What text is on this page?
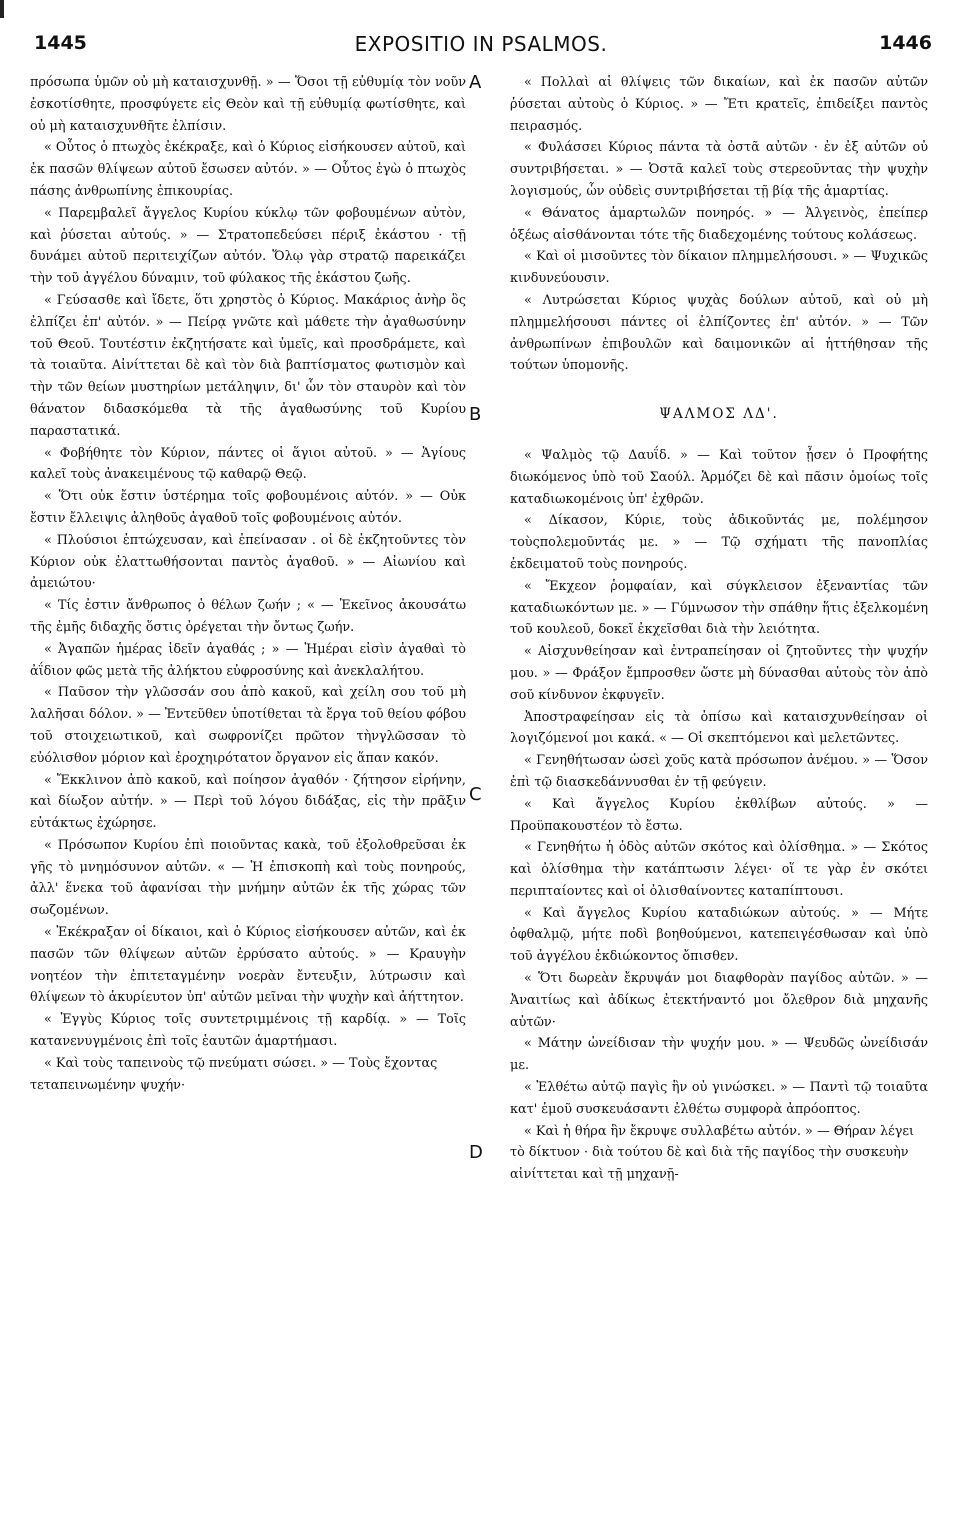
1445	EXPOSITIO IN PSALMOS.	1446
A
B
C
D

πρόσωπα ὑμῶν οὐ μὴ καταισχυνθῇ. » — Ὅσοι τῇ εὐθυμίᾳ τὸν νοῦν ἐσκοτίσθητε, προσφύγετε εἰς Θεὸν καὶ τῇ εὐθυμίᾳ φωτίσθητε, καὶ οὐ μὴ καταισχυνθῆτε ἐλπίσιν.

« Οὗτος ὁ πτωχὸς ἐκέκραξε, καὶ ὁ Κύριος εἰσήκουσεν αὐτοῦ, καὶ ἐκ πασῶν θλίψεων αὐτοῦ ἔσωσεν αὐτόν. » — Οὗτος ἐγὼ ὁ πτωχὸς πάσης ἀνθρωπίνης ἐπικουρίας.

« Παρεμβαλεῖ ἄγγελος Κυρίου κύκλῳ τῶν φοβουμένων αὐτὸν, καὶ ῥύσεται αὐτούς. » — Στρατοπεδεύσει πέριξ ἑκάστου · τῇ δυνάμει αὐτοῦ περιτειχίζων αὐτόν. Ὅλῳ γὰρ στρατῷ παρεικάζει τὴν τοῦ ἀγγέλου δύναμιν, τοῦ φύλακος τῆς ἑκάστου ζωῆς.

« Γεύσασθε καὶ ἴδετε, ὅτι χρηστὸς ὁ Κύριος. Μακάριος ἀνὴρ ὃς ἐλπίζει ἐπ' αὐτόν. » — Πείρᾳ γνῶτε καὶ μάθετε τὴν ἀγαθωσύνην τοῦ Θεοῦ. Τουτέστιν ἐκζητήσατε καὶ ὑμεῖς, καὶ προσδράμετε, καὶ τὰ τοιαῦτα. Αἰνίττεται δὲ καὶ τὸν διὰ βαπτίσματος φωτισμὸν καὶ τὴν τῶν θείων μυστηρίων μετάληψιν, δι' ὧν τὸν σταυρὸν καὶ τὸν θάνατον διδασκόμεθα τὰ τῆς ἀγαθωσύνης τοῦ Κυρίου παραστατικά.

« Φοβήθητε τὸν Κύριον, πάντες οἱ ἅγιοι αὐτοῦ. » — Ἁγίους καλεῖ τοὺς ἀνακειμένους τῷ καθαρῷ Θεῷ.

« Ὅτι οὐκ ἔστιν ὑστέρημα τοῖς φοβουμένοις αὐτόν. » — Οὐκ ἔστιν ἔλλειψις ἀληθοῦς ἀγαθοῦ τοῖς φοβουμένοις αὐτόν.

« Πλούσιοι ἐπτώχευσαν, καὶ ἐπείνασαν . οἱ δὲ ἐκζητοῦντες τὸν Κύριον οὐκ ἐλαττωθήσονται παντὸς ἀγαθοῦ. » — Αἰωνίου καὶ ἀμειώτου·

« Τίς ἐστιν ἄνθρωπος ὁ θέλων ζωήν ; « — Ἐκεῖνος ἀκουσάτω τῆς ἐμῆς διδαχῆς ὅστις ὀρέγεται τὴν ὄντως ζωήν.

« Ἀγαπῶν ἡμέρας ἰδεῖν ἀγαθάς ; » — Ἡμέραι εἰσὶν ἀγαθαὶ τὸ ἀΐδιον φῶς μετὰ τῆς ἀλήκτου εὐφροσύνης καὶ ἀνεκλαλήτου.

« Παῦσον τὴν γλῶσσάν σου ἀπὸ κακοῦ, καὶ χείλη σου τοῦ μὴ λαλῆσαι δόλον. » — Ἐντεῦθεν ὑποτίθεται τὰ ἔργα τοῦ θείου φόβου τοῦ στοιχειωτικοῦ, καὶ σωφρονίζει πρῶτον τὴνγλῶσσαν τὸ εὐόλισθον μόριον καὶ ἐροχηιρότατον ὄργανον εἰς ἅπαν κακόν.

« Ἔκκλινον ἀπὸ κακοῦ, καὶ ποίησον ἀγαθόν · ζήτησον εἰρήνην, καὶ δίωξον αὐτήν. » — Περὶ τοῦ λόγου διδάξας, εἰς τὴν πρᾶξιν εὐτάκτως ἐχώρησε.

« Πρόσωπον Κυρίου ἐπὶ ποιοῦντας κακὰ, τοῦ ἐξολοθρεῦσαι ἐκ γῆς τὸ μνημόσυνον αὐτῶν. « — Ἡ ἐπισκοπὴ καὶ τοὺς πονηρούς, ἀλλ' ἕνεκα τοῦ ἀφανίσαι τὴν μνήμην αὐτῶν ἐκ τῆς χώρας τῶν σωζομένων.

« Ἐκέκραξαν οἱ δίκαιοι, καὶ ὁ Κύριος εἰσήκουσεν αὐτῶν, καὶ ἐκ πασῶν τῶν θλίψεων αὐτῶν ἐρρύσατο αὐτούς. » — Κραυγὴν νοητέον τὴν ἐπιτεταγμένην νοερὰν ἔντευξιν, λύτρωσιν καὶ θλίψεων τὸ ἀκυρίευτον ὑπ' αὐτῶν μεῖναι τὴν ψυχὴν καὶ ἀήττητον.

« Ἐγγὺς Κύριος τοῖς συντετριμμένοις τῇ καρδίᾳ. » — Τοῖς κατανενυγμένοις ἐπὶ τοῖς ἑαυτῶν ἁμαρτήμασι.

« Καὶ τοὺς ταπεινοὺς τῷ πνεύματι σώσει. » — Τοὺς ἔχοντας τεταπεινωμένην ψυχήν·

« Πολλαὶ αἱ θλίψεις τῶν δικαίων, καὶ ἐκ πασῶν αὐτῶν ῥύσεται αὐτοὺς ὁ Κύριος. » — Ἔτι κρατεῖς, ἐπιδείξει παντὸς πειρασμός.

« Φυλάσσει Κύριος πάντα τὰ ὀστᾶ αὐτῶν · ἐν ἐξ αὐτῶν οὐ συντριβήσεται. » — Ὀστᾶ καλεῖ τοὺς στερεοῦντας τὴν ψυχὴν λογισμούς, ὧν οὐδεὶς συντριβήσεται τῇ βίᾳ τῆς ἁμαρτίας.

« Θάνατος ἁμαρτωλῶν πονηρός. » — Ἀλγεινὸς, ἐπείπερ ὀξέως αἰσθάνονται τότε τῆς διαδεχομένης τούτους κολάσεως.

« Καὶ οἱ μισοῦντες τὸν δίκαιον πλημμελήσουσι. » — Ψυχικῶς κινδυνεύουσιν.

« Λυτρώσεται Κύριος ψυχὰς δούλων αὐτοῦ, καὶ οὐ μὴ πλημμελήσουσι πάντες οἱ ἐλπίζοντες ἐπ' αὐτόν. » — Τῶν ἀνθρωπίνων ἐπιβουλῶν καὶ δαιμονικῶν αἱ ἡττήθησαν τῆς τούτων ὑπομονῆς.

ΨΑΛΜΟΣ ΛΔ'.

« Ψαλμὸς τῷ Δαυΐδ. » — Καὶ τοῦτον ᾖσεν ὁ Προφήτης διωκόμενος ὑπὸ τοῦ Σαούλ. Ἁρμόζει δὲ καὶ πᾶσιν ὁμοίως τοῖς καταδιωκομένοις ὑπ' ἐχθρῶν.

« Δίκασον, Κύριε, τοὺς ἀδικοῦντάς με, πολέμησον τοὺςπολεμοῦντάς με. » — Τῷ σχήματι τῆς πανοπλίας ἐκδειματοῦ τοὺς πονηρούς.

« Ἔκχεον ῥομφαίαν, καὶ σύγκλεισον ἐξεναντίας τῶν καταδιωκόντων με. » — Γύμνωσον τὴν σπάθην ἥτις ἐξελκομένη τοῦ κουλεοῦ, δοκεῖ ἐκχεῖσθαι διὰ τὴν λειότητα.

« Αἰσχυνθείησαν καὶ ἐντραπείησαν οἱ ζητοῦντες τὴν ψυχήν μου. » — Φράξον ἔμπροσθεν ὥστε μὴ δύνασθαι αὐτοὺς τὸν ἀπὸ σοῦ κίνδυνον ἐκφυγεῖν.

Ἀποστραφείησαν εἰς τὰ ὀπίσω καὶ καταισχυνθείησαν οἱ λογιζόμενοί μοι κακά. « — Οἱ σκεπτόμενοι καὶ μελετῶντες.

« Γενηθήτωσαν ὡσεὶ χοῦς κατὰ πρόσωπον ἀνέμου. » — Ὅσον ἐπὶ τῷ διασκεδάννυσθαι ἐν τῇ φεύγειν.

« Καὶ ἄγγελος Κυρίου ἐκθλίβων αὐτούς. » — Προϋπακουστέον τὸ ἔστω.

« Γενηθήτω ἡ ὁδὸς αὐτῶν σκότος καὶ ὀλίσθημα. » — Σκότος καὶ ὀλίσθημα τὴν κατάπτωσιν λέγει· οἵ τε γὰρ ἐν σκότει περιπταίοντες καὶ οἱ ὀλισθαίνοντες καταπίπτουσι.

« Καὶ ἄγγελος Κυρίου καταδιώκων αὐτούς. » — Μήτε ὀφθαλμῷ, μήτε ποδὶ βοηθούμενοι, κατεπειγέσθωσαν καὶ ὑπὸ τοῦ ἀγγέλου ἐκδιώκοντος ὄπισθεν.

« Ὅτι δωρεὰν ἔκρυψάν μοι διαφθορὰν παγίδος αὐτῶν. » — Ἀναιτίως καὶ ἀδίκως ἐτεκτήναντό μοι ὄλεθρον διὰ μηχανῆς αὐτῶν·

« Μάτην ὠνείδισαν τὴν ψυχήν μου. » — Ψευδῶς ὠνείδισάν με.

« Ἐλθέτω αὐτῷ παγὶς ἣν οὐ γινώσκει. » — Παντὶ τῷ τοιαῦτα κατ' ἐμοῦ συσκευάσαντι ἐλθέτω συμφορὰ ἀπρόοπτος.

« Καὶ ἡ θήρα ἣν ἔκρυψε συλλαβέτω αὐτόν. » — Θήραν λέγει τὸ δίκτυον · διὰ τούτου δὲ καὶ διὰ τῆς παγίδος τὴν συσκευὴν αἰνίττεται καὶ τῇ μηχανῇ-
